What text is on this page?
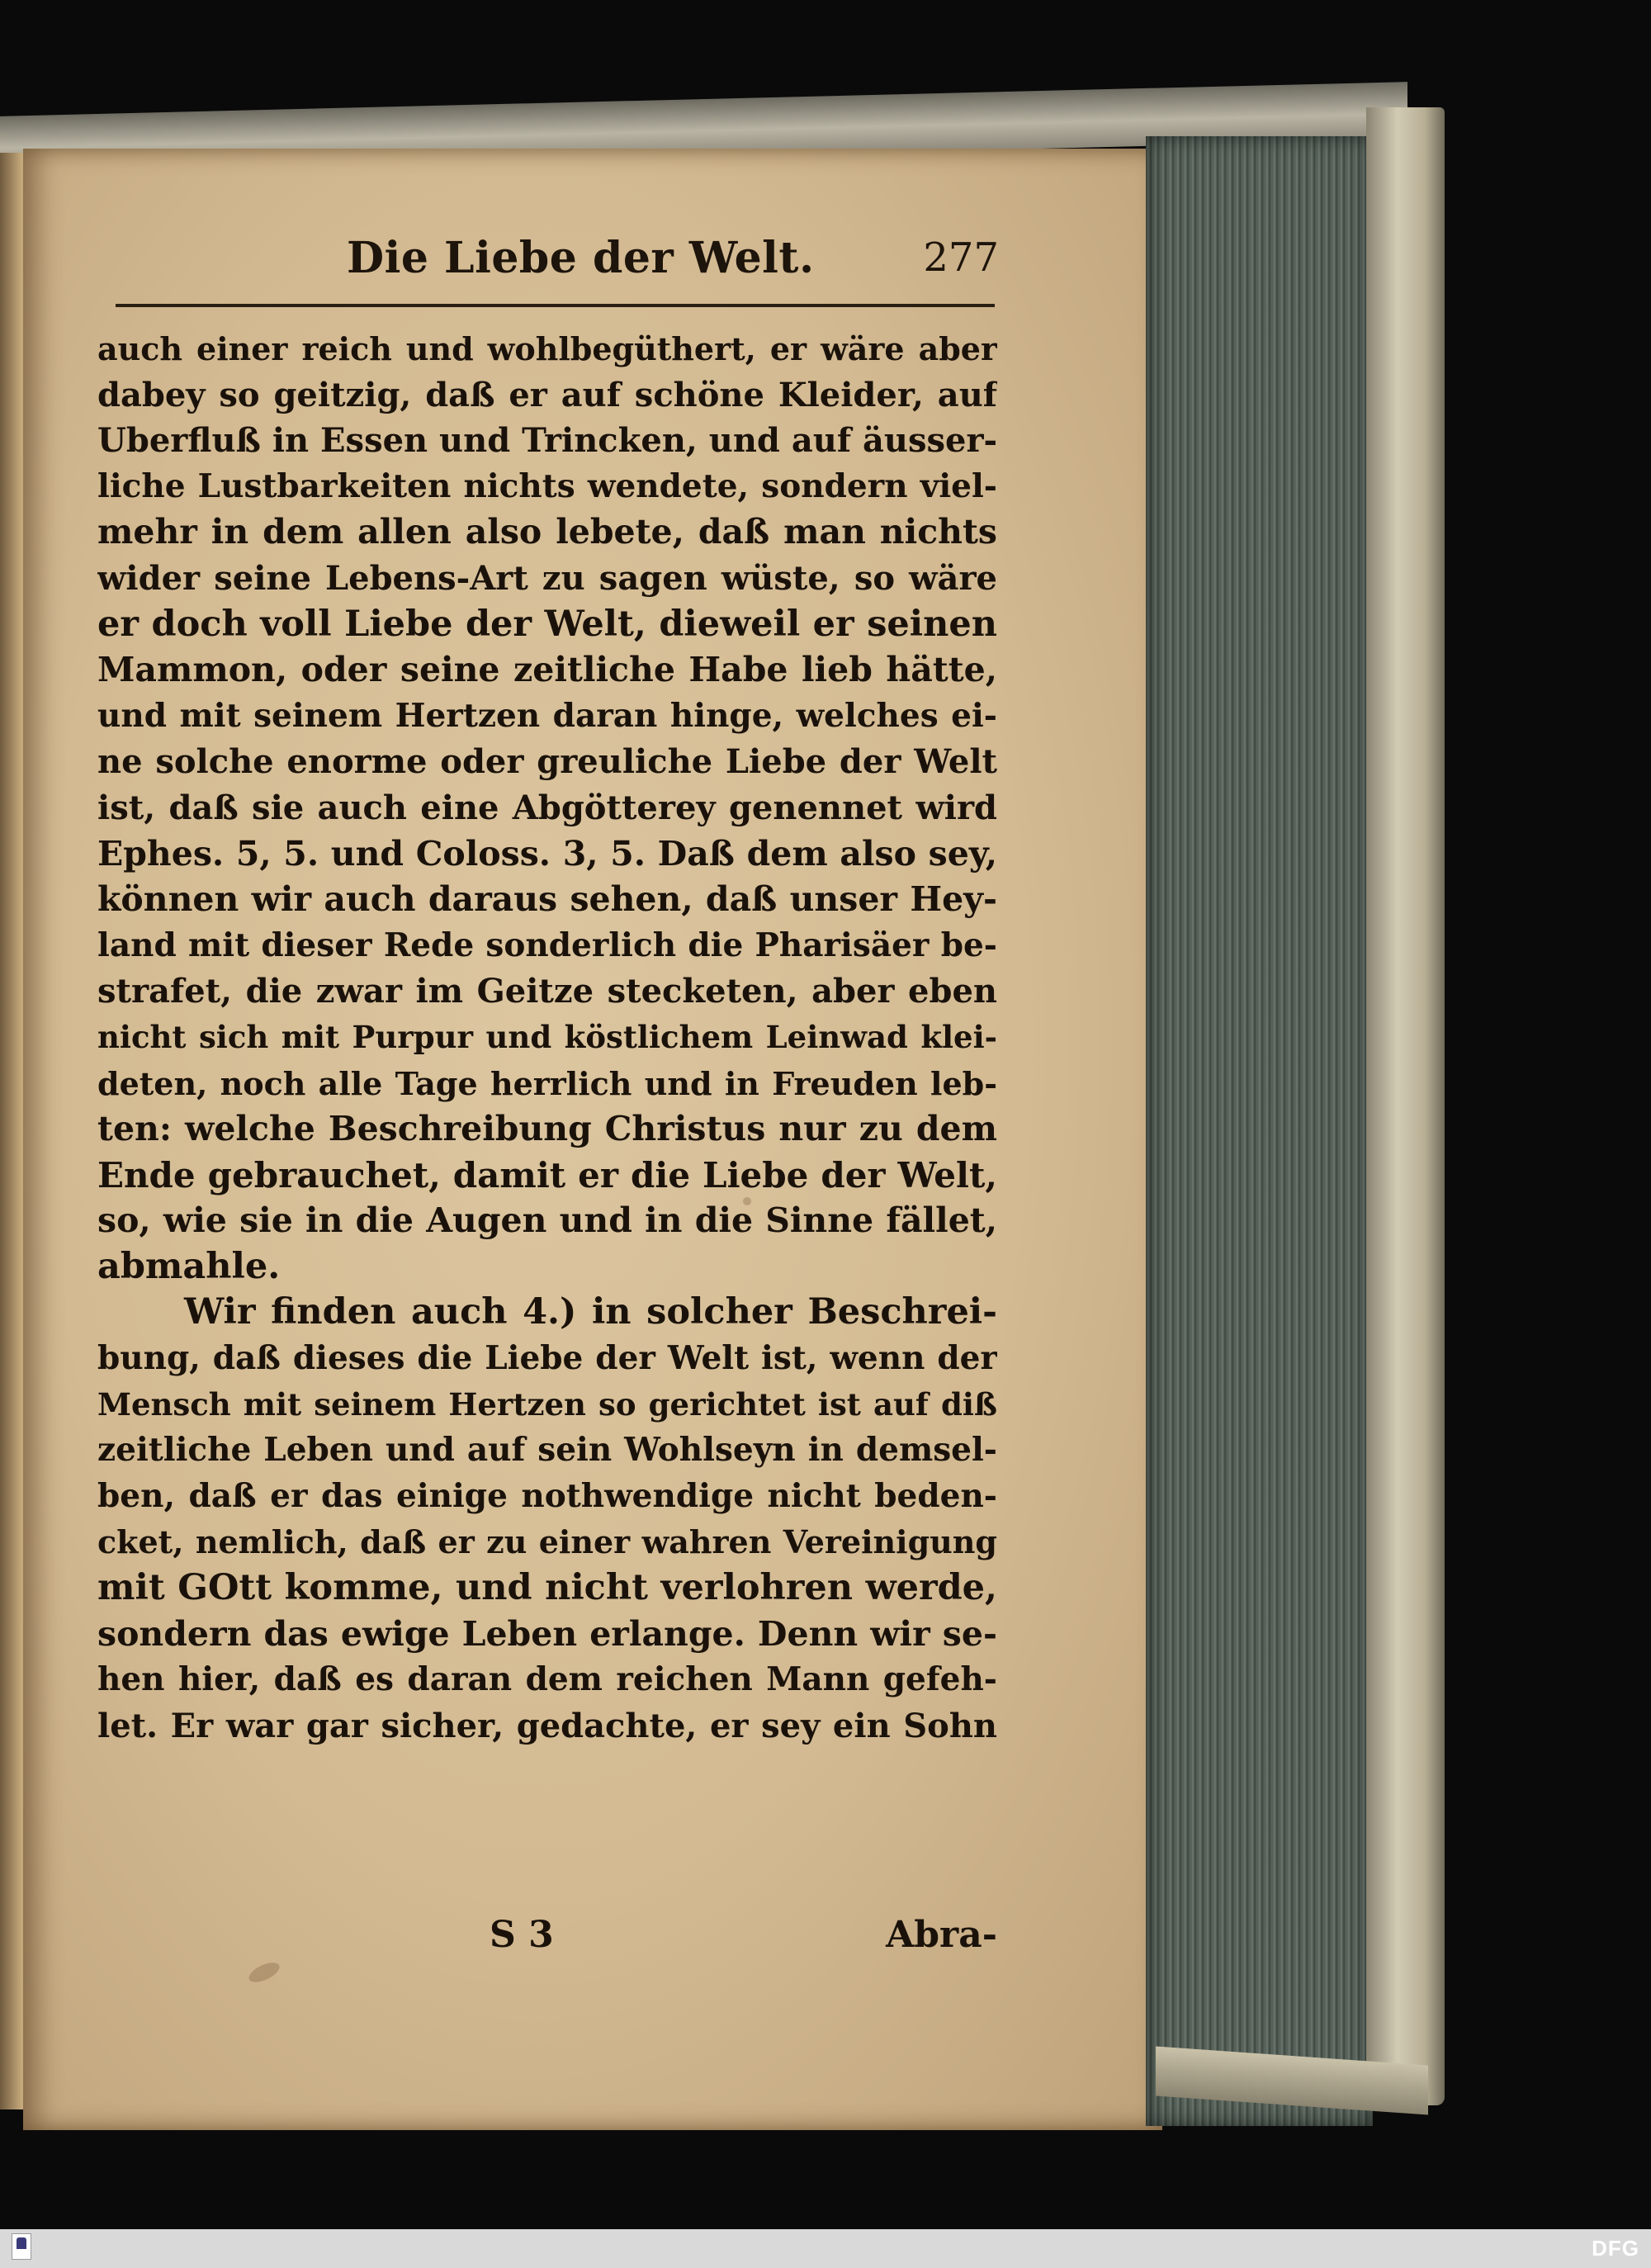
Die Liebe der Welt.	277
auch einer reich und wohlbegüthert, er wäre aber
dabey so geitzig, daß er auf schöne Kleider, auf
Uberfluß in Essen und Trincken, und auf äusser-
liche Lustbarkeiten nichts wendete, sondern viel-
mehr in dem allen also lebete, daß man nichts
wider seine Lebens-Art zu sagen wüste, so wäre
er doch voll Liebe der Welt, dieweil er seinen
Mammon, oder seine zeitliche Habe lieb hätte,
und mit seinem Hertzen daran hinge, welches ei-
ne solche enorme oder greuliche Liebe der Welt
ist, daß sie auch eine Abgötterey genennet wird
Ephes. 5, 5. und Coloss. 3, 5. Daß dem also sey,
können wir auch daraus sehen, daß unser Hey-
land mit dieser Rede sonderlich die Pharisäer be-
strafet, die zwar im Geitze stecketen, aber eben
nicht sich mit Purpur und köstlichem Leinwad klei-
deten, noch alle Tage herrlich und in Freuden leb-
ten: welche Beschreibung Christus nur zu dem
Ende gebrauchet, damit er die Liebe der Welt,
so, wie sie in die Augen und in die Sinne fället,
abmahle.
Wir finden auch 4.) in solcher Beschrei-
bung, daß dieses die Liebe der Welt ist, wenn der
Mensch mit seinem Hertzen so gerichtet ist auf diß
zeitliche Leben und auf sein Wohlseyn in demsel-
ben, daß er das einige nothwendige nicht beden-
cket, nemlich, daß er zu einer wahren Vereinigung
mit GOtt komme, und nicht verlohren werde,
sondern das ewige Leben erlange. Denn wir se-
hen hier, daß es daran dem reichen Mann gefeh-
let. Er war gar sicher, gedachte, er sey ein Sohn
S 3	Abra-
DFG
